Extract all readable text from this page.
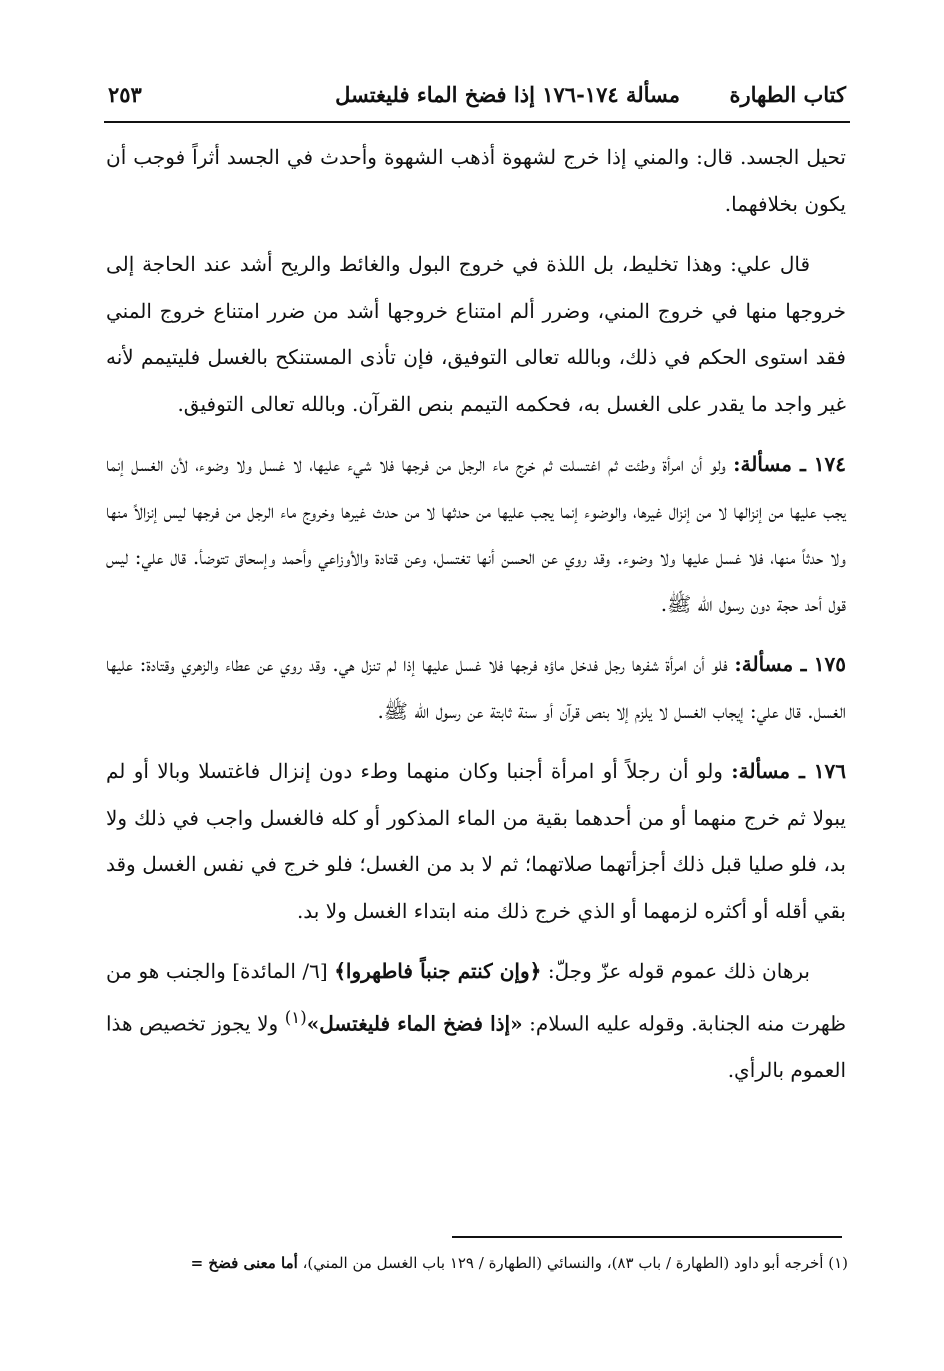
كتاب الطهارة
مسألة ١٧٤-١٧٦ إذا فضخ الماء فليغتسل
٢٥٣

تحيل الجسد. قال: والمني إذا خرج لشهوة أذهب الشهوة وأحدث في الجسد أثراً فوجب أن يكون بخلافهما.

قال علي: وهذا تخليط، بل اللذة في خروج البول والغائط والريح أشد عند الحاجة إلى خروجها منها في خروج المني، وضرر ألم امتناع خروجها أشد من ضرر امتناع خروج المني فقد استوى الحكم في ذلك، وبالله تعالى التوفيق، فإن تأذى المستنكح بالغسل فليتيمم لأنه غير واجد ما يقدر على الغسل به، فحكمه التيمم بنص القرآن. وبالله تعالى التوفيق.

١٧٤ ـ مسألة: ولو أن امرأة وطئت ثم اغتسلت ثم خرج ماء الرجل من فرجها فلا شيء عليها، لا غسل ولا وضوء، لأن الغسل إنما يجب عليها من إنزالها لا من إنزال غيرها، والوضوء إنما يجب عليها من حدثها لا من حدث غيرها وخروج ماء الرجل من فرجها ليس إنزالاً منها ولا حدثاً منها، فلا غسل عليها ولا وضوء. وقد روي عن الحسن أنها تغتسل، وعن قتادة والأوزاعي وأحمد وإسحاق تتوضأ. قال علي: ليس قول أحد حجة دون رسول الله ﷺ.

١٧٥ ـ مسألة: فلو أن امرأة شفرها رجل فدخل ماؤه فرجها فلا غسل عليها إذا لم تنزل هي. وقد روي عن عطاء والزهري وقتادة: عليها الغسل. قال علي: إيجاب الغسل لا يلزم إلا بنص قرآن أو سنة ثابتة عن رسول الله ﷺ.

١٧٦ ـ مسألة: ولو أن رجلاً أو امرأة أجنبا وكان منهما وطء دون إنزال فاغتسلا وبالا أو لم يبولا ثم خرج منهما أو من أحدهما بقية من الماء المذكور أو كله فالغسل واجب في ذلك ولا بد، فلو صليا قبل ذلك أجزأتهما صلاتهما؛ ثم لا بد من الغسل؛ فلو خرج في نفس الغسل وقد بقي أقله أو أكثره لزمهما أو الذي خرج ذلك منه ابتداء الغسل ولا بد.

برهان ذلك عموم قوله عزّ وجلّ: ﴿وإن كنتم جنباً فاطهروا﴾ [٦/ المائدة] والجنب هو من ظهرت منه الجنابة. وقوله عليه السلام: «إذا فضخ الماء فليغتسل»$^{(١)}$ ولا يجوز تخصيص هذا العموم بالرأي.

(١) أخرجه أبو داود (الطهارة / باب ٨٣)، والنسائي (الطهارة / ١٢٩ باب الغسل من المني)، أما معنى فضخ =
